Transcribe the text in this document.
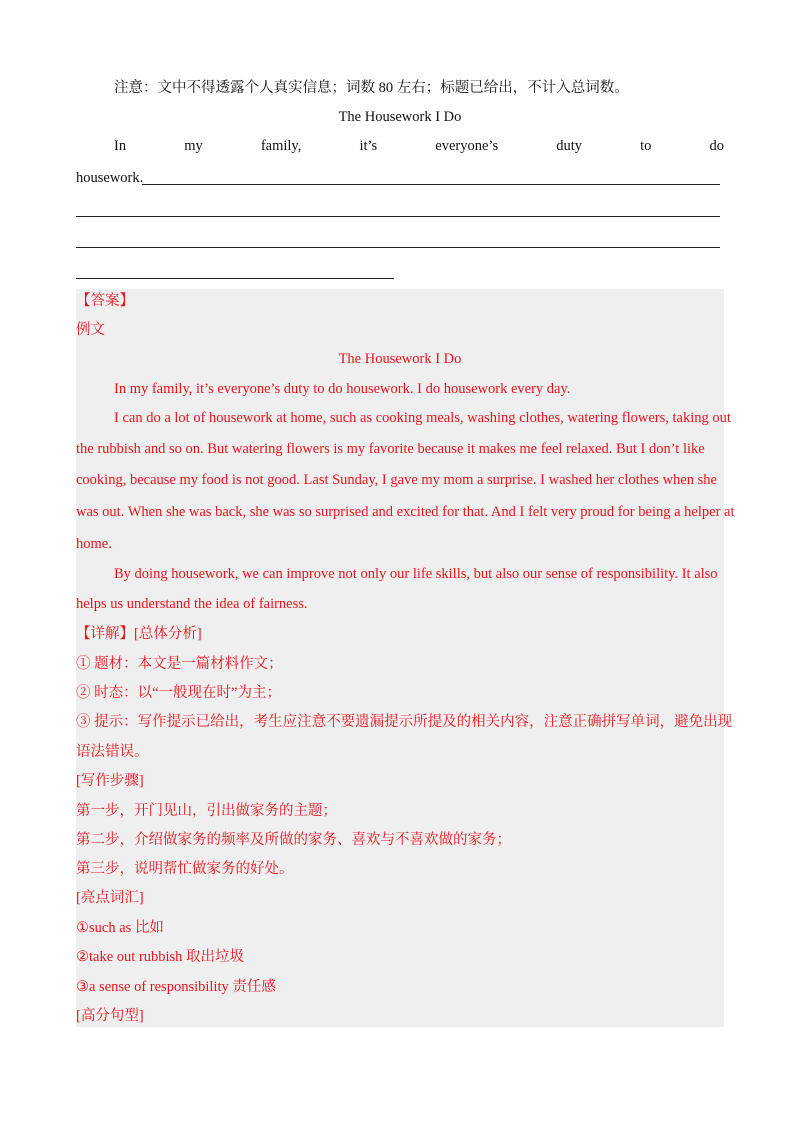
注意：文中不得透露个人真实信息；词数 80 左右；标题已给出，不计入总词数。
The Housework I Do
In	my	family,	it’s	everyone’s	duty	to	do
housework.
【答案】
例文
The Housework I Do
In my family, it’s everyone’s duty to do housework. I do housework every day.
I can do a lot of housework at home, such as cooking meals, washing clothes, watering flowers, taking out
the rubbish and so on. But watering flowers is my favorite because it makes me feel relaxed. But I don’t like
cooking, because my food is not good. Last Sunday, I gave my mom a surprise. I washed her clothes when she
was out. When she was back, she was so surprised and excited for that. And I felt very proud for being a helper at
home.
By doing housework, we can improve not only our life skills, but also our sense of responsibility. It also
helps us understand the idea of fairness.
【详解】[总体分析]
① 题材：本文是一篇材料作文；
② 时态：以“一般现在时”为主；
③ 提示：写作提示已给出，考生应注意不要遗漏提示所提及的相关内容，注意正确拼写单词，避免出现
语法错误。
[写作步骤]
第一步，开门见山，引出做家务的主题；
第二步，介绍做家务的频率及所做的家务、喜欢与不喜欢做的家务；
第三步，说明帮忙做家务的好处。
[亮点词汇]
①such as 比如
②take out rubbish 取出垃圾
③a sense of responsibility 责任感
[高分句型]
